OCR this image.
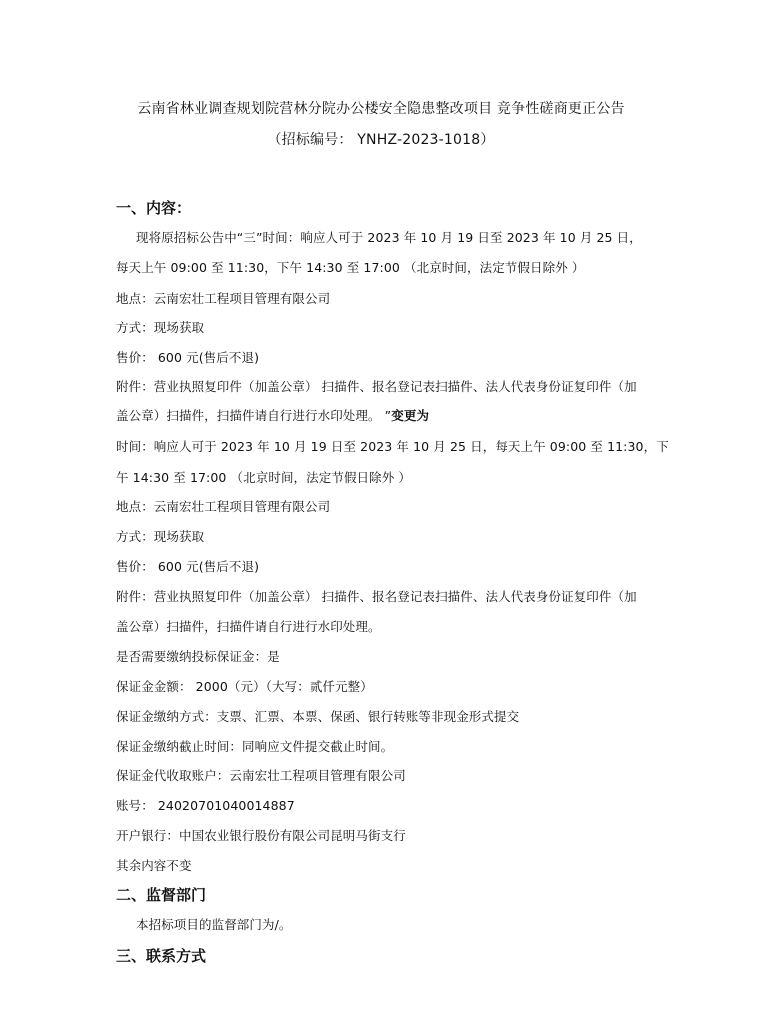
云南省林业调查规划院营林分院办公楼安全隐患整改项目 竞争性磋商更正公告
（招标编号： YNHZ-2023-1018）
一、内容：
现将原招标公告中“三”时间：响应人可于 2023 年 10 月 19 日至 2023 年 10 月 25 日，
每天上午 09:00 至 11:30，下午 14:30 至 17:00 （北京时间，法定节假日除外 ）
地点：云南宏壮工程项目管理有限公司
方式：现场获取
售价： 600 元(售后不退)
附件：营业执照复印件（加盖公章） 扫描件、报名登记表扫描件、法人代表身份证复印件（加
盖公章）扫描件，扫描件请自行进行水印处理。 ”变更为
时间：响应人可于 2023 年 10 月 19 日至 2023 年 10 月 25 日，每天上午 09:00 至 11:30，下
午 14:30 至 17:00 （北京时间，法定节假日除外 ）
地点：云南宏壮工程项目管理有限公司
方式：现场获取
售价： 600 元(售后不退)
附件：营业执照复印件（加盖公章） 扫描件、报名登记表扫描件、法人代表身份证复印件（加
盖公章）扫描件，扫描件请自行进行水印处理。
是否需要缴纳投标保证金：是
保证金金额： 2000（元）（大写：贰仟元整）
保证金缴纳方式：支票、汇票、本票、保函、银行转账等非现金形式提交
保证金缴纳截止时间：同响应文件提交截止时间。
保证金代收取账户：云南宏壮工程项目管理有限公司
账号： 24020701040014887
开户银行：中国农业银行股份有限公司昆明马街支行
其余内容不变
二、监督部门
本招标项目的监督部门为/。
三、联系方式
